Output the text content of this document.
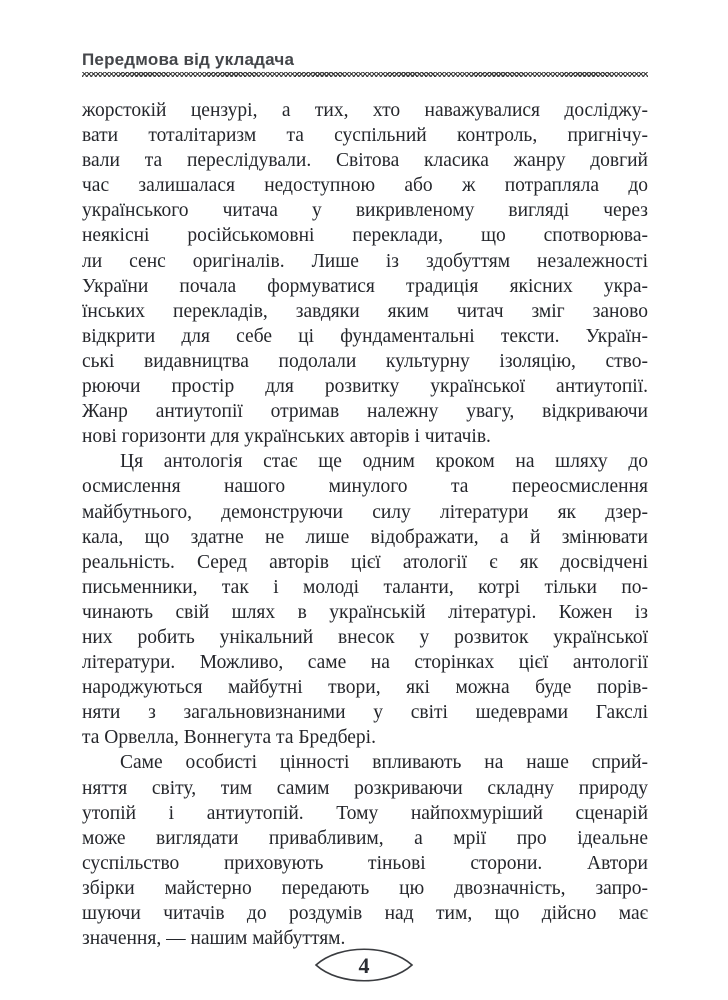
Передмова від укладача
жорстокій цензурі, а тих, хто наважувалися досліджу-
вати тоталітаризм та суспільний контроль, пригнічу-
вали та переслідували. Світова класика жанру довгий
час залишалася недоступною або ж потрапляла до
українського читача у викривленому вигляді через
неякісні російськомовні переклади, що спотворюва-
ли сенс оригіналів. Лише із здобуттям незалежності
України почала формуватися традиція якісних укра-
їнських перекладів, завдяки яким читач зміг заново
відкрити для себе ці фундаментальні тексти. Україн-
ські видавництва подолали культурну ізоляцію, ство-
рюючи простір для розвитку української антиутопії.
Жанр антиутопії отримав належну увагу, відкриваючи
нові горизонти для українських авторів і читачів.
Ця антологія стає ще одним кроком на шляху до
осмислення нашого минулого та переосмислення
майбутнього, демонструючи силу літератури як дзер-
кала, що здатне не лише відображати, а й змінювати
реальність. Серед авторів цієї атології є як досвідчені
письменники, так і молоді таланти, котрі тільки по-
чинають свій шлях в українській літературі. Кожен із
них робить унікальний внесок у розвиток української
літератури. Можливо, саме на сторінках цієї антології
народжуються майбутні твори, які можна буде порів-
няти з загальновизнаними у світі шедеврами Гакслі
та Орвелла, Воннегута та Бредбері.
Саме особисті цінності впливають на наше сприй-
няття світу, тим самим розкриваючи складну природу
утопій і антиутопій. Тому найпохмуріший сценарій
може виглядати привабливим, а мрії про ідеальне
суспільство приховують тіньові сторони. Автори
збірки майстерно передають цю двозначність, запро-
шуючи читачів до роздумів над тим, що дійсно має
значення, — нашим майбуттям.
4
